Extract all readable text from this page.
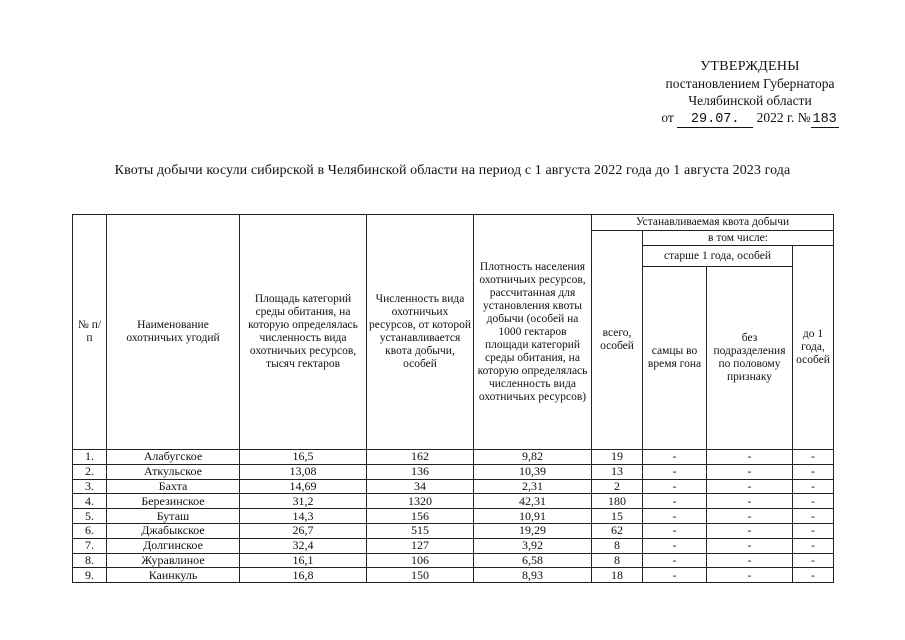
УТВЕРЖДЕНЫ
постановлением Губернатора
Челябинской области
от 29.07. 2022 г. № 183
Квоты добычи косули сибирской в Челябинской области на период с 1 августа 2022 года до 1 августа 2023 года
№ п/п	Наименование охотничьих угодий	Площадь категорий среды обитания, на которую определялась численность вида охотничьих ресурсов, тысяч гектаров	Численность вида охотничьих ресурсов, от которой устанавливается квота добычи, особей	Плотность населения охотничьих ресурсов, рассчитанная для установления квоты добычи (особей на 1000 гектаров площади категорий среды обитания, на которую определялась численность вида охотничьих ресурсов)	Устанавливаемая квота добычи			
					всего, особей	в том числе:		
						старше 1 года, особей		до 1 года, особей
						самцы во время гона	без подразделения по половому признаку	
1.	Алабугское	16,5	162	9,82	19	-	-	-
2.	Аткульское	13,08	136	10,39	13	-	-	-
3.	Бахта	14,69	34	2,31	2	-	-	-
4.	Березинское	31,2	1320	42,31	180	-	-	-
5.	Буташ	14,3	156	10,91	15	-	-	-
6.	Джабыкское	26,7	515	19,29	62	-	-	-
7.	Долгинское	32,4	127	3,92	8	-	-	-
8.	Журавлиное	16,1	106	6,58	8	-	-	-
9.	Каинкуль	16,8	150	8,93	18	-	-	-
